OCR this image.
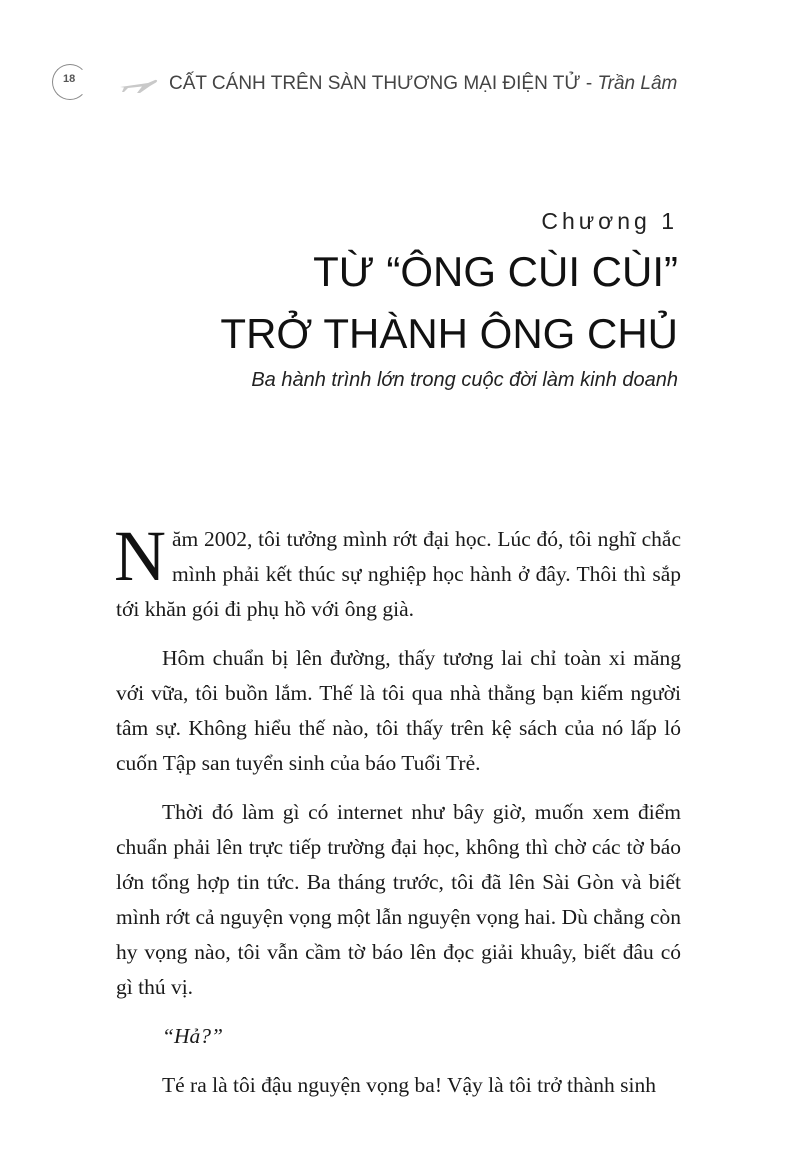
18	CẤT CÁNH TRÊN SÀN THƯƠNG MẠI ĐIỆN TỬ - Trần Lâm
Chương 1
TỪ “ÔNG CÙI CÙI”
TRỞ THÀNH ÔNG CHỦ
Ba hành trình lớn trong cuộc đời làm kinh doanh

Năm 2002, tôi tưởng mình rớt đại học. Lúc đó, tôi nghĩ chắc mình phải kết thúc sự nghiệp học hành ở đây. Thôi thì sắp tới khăn gói đi phụ hồ với ông già.

Hôm chuẩn bị lên đường, thấy tương lai chỉ toàn xi măng với vữa, tôi buồn lắm. Thế là tôi qua nhà thằng bạn kiếm người tâm sự. Không hiểu thế nào, tôi thấy trên kệ sách của nó lấp ló cuốn Tập san tuyển sinh của báo Tuổi Trẻ.

Thời đó làm gì có internet như bây giờ, muốn xem điểm chuẩn phải lên trực tiếp trường đại học, không thì chờ các tờ báo lớn tổng hợp tin tức. Ba tháng trước, tôi đã lên Sài Gòn và biết mình rớt cả nguyện vọng một lẫn nguyện vọng hai. Dù chẳng còn hy vọng nào, tôi vẫn cầm tờ báo lên đọc giải khuây, biết đâu có gì thú vị.

“Hả?”

Té ra là tôi đậu nguyện vọng ba! Vậy là tôi trở thành sinh
